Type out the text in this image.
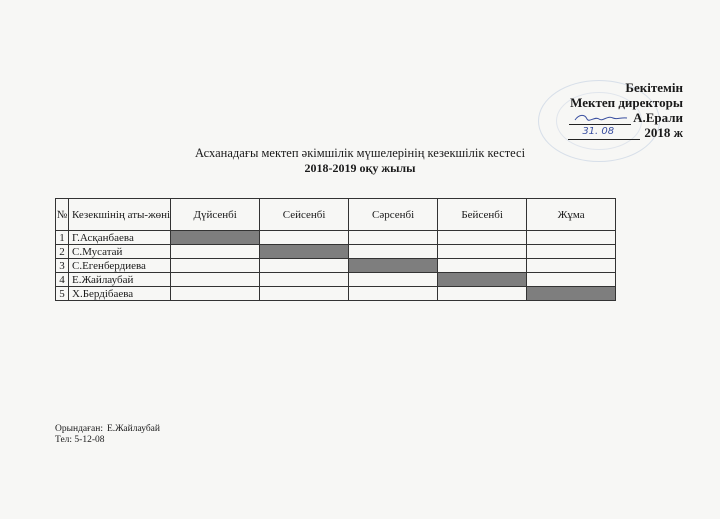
Бекітемін
Мектеп директоры
А.Ерали
31. 08 2018 ж
Асханадағы мектеп әкімшілік мүшелерінің кезекшілік кестесі
2018-2019 оқу жылы
№	Кезекшінің аты-жөні	Дүйсенбі	Сейсенбі	Сәрсенбі	Бейсенбі	Жұма
1	Г.Асқанбаева					
2	С.Мусатай					
3	С.Егенбердиева					
4	Е.Жайлаубай					
5	Х.Бердібаева					
Орындаған: Е.Жайлаубай
Тел: 5-12-08
